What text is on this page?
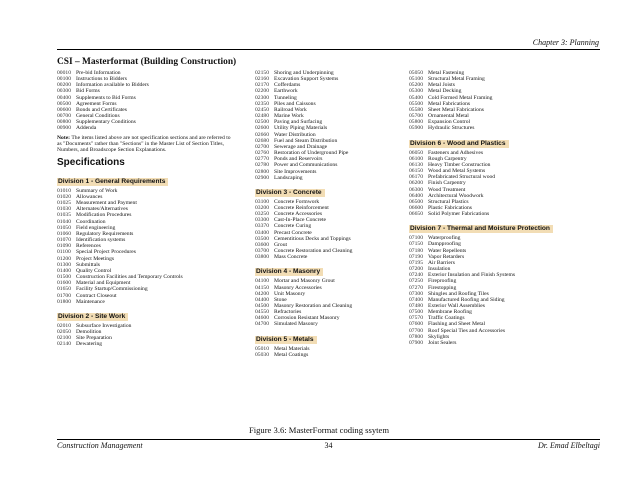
Chapter 3: Planning
CSI – Masterformat (Building Construction)
00010 Pre-bid Information
00100 Instructions to Bidders
00200 Information available to Bidders
00300 Bid Forms
00400 Supplements to Bid Forms
00500 Agreement Forms
00600 Bonds and Certificates
00700 General Conditions
00800 Supplementary Conditions
00900 Addenda
Note: The items listed above are not specification sections and are referred to as "Documents" rather than "Sections" in the Master List of Section Titles, Numbers, and Broadscope Section Explanations.
Specifications
Division 1 - General Requirements
01010 Summary of Work
01020 Allowances
01025 Measurement and Payment
01030 Alternates/Alternatives
01035 Modification Procedures
01040 Coordination
01050 Field engineering
01060 Regulatory Requirements
01070 Identification systems
01090 References
01100 Special Project Procedures
01200 Project Meetings
01300 Submittals
01400 Quality Control
01500 Construction Facilities and Temporary Controls
01600 Material and Equipment
01650 Facility Startup/Commissioning
01700 Contract Closeout
01800 Maintenance
Division 2 - Site Work
02010 Subsurface Investigation
02050 Demolition
02100 Site Preparation
02140 Dewatering
02150 Shoring and Underpinning
02160 Excavation Support Systems
02170 Cofferdams
02200 Earthwork
02300 Tunneling
02350 Piles and Caissons
02450 Railroad Work
02480 Marine Work
02500 Paving and Surfacing
02600 Utility Piping Materials
02660 Water Distribution
02680 Fuel and Steam Distribution
02700 Sewerage and Drainage
02760 Restoration of Underground Pipe
02770 Ponds and Reservoirs
02780 Power and Communications
02800 Site Improvements
02900 Landscaping
Division 3 - Concrete
03100 Concrete Formwork
03200 Concrete Reinforcement
03250 Concrete Accessories
03300 Cast-In-Place Concrete
03370 Concrete Curing
03400 Precast Concrete
03500 Cementitious Decks and Toppings
03600 Grout
03700 Concrete Restoration and Cleaning
03800 Mass Concrete
Division 4 - Masonry
04100 Mortar and Masonry Grout
04150 Masonry Accessories
04200 Unit Masonry
04400 Stone
04500 Masonry Restoration and Cleaning
04550 Refractories
04600 Corrosion Resistant Masonry
04700 Simulated Masonry
Division 5 - Metals
05010 Metal Materials
05030 Metal Coatings
05050 Metal Fastening
05100 Structural Metal Framing
05200 Metal Joists
05300 Metal Decking
05400 Cold Formed Metal Framing
05500 Metal Fabrications
05580 Sheet Metal Fabrications
05700 Ornamental Metal
05800 Expansion Control
05900 Hydraulic Structures
Division 6 - Wood and Plastics
06050 Fasteners and Adhesives
06100 Rough Carpentry
06130 Heavy Timber Construction
06150 Wood and Metal Systems
06170 Prefabricated Structural wood
06200 Finish Carpentry
06300 Wood Treatment
06400 Architectural Woodwork
06500 Structural Plastics
06600 Plastic Fabrications
06650 Solid Polymer Fabrications
Division 7 - Thermal and Moisture Protection
07100 Waterproofing
07150 Dampproofing
07180 Water Repellents
07190 Vapor Retarders
07195 Air Barriers
07200 Insulation
07240 Exterior Insulation and Finish Systems
07250 Fireproofing
07270 Firestopping
07300 Shingles and Roofing Tiles
07400 Manufactured Roofing and Siding
07480 Exterior Wall Assemblies
07500 Membrane Roofing
07570 Traffic Coatings
07600 Flashing and Sheet Metal
07700 Roof Special Ties and Accessories
07800 Skylights
07900 Joint Sealers
Figure 3.6: MasterFormat coding ssytem
Construction Management	34	Dr. Emad Elbeltagi
